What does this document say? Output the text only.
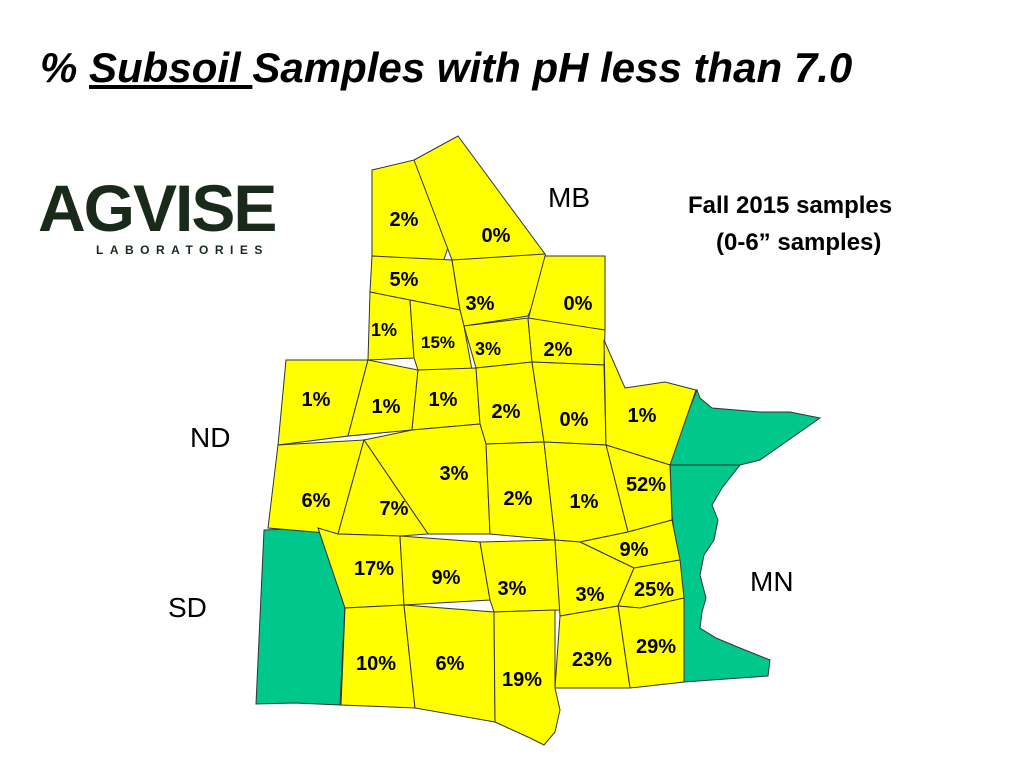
% Subsoil Samples with pH less than 7.0
AGVISE
LABORATORIES
Fall 2015 samples
(0-6” samples)
MB
ND
SD
MN
2%
0%
5%
3%	0%
1%
15% 3% 2%
1% 1% 1%
2% 0% 1%
3%	52%
6% 7%	2% 1%
9%
17% 9% 3% 3% 25%
29%
10% 6%	23%
19%
